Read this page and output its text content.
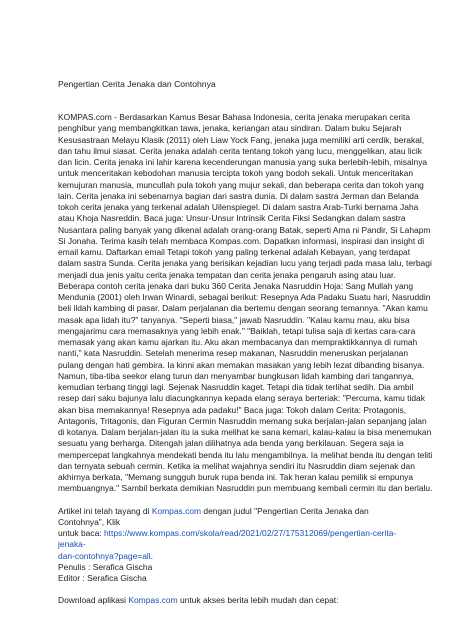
Pengertian Cerita Jenaka dan Contohnya

KOMPAS.com - Berdasarkan Kamus Besar Bahasa Indonesia, cerita jenaka merupakan cerita
penghibur yang membangkitkan tawa, jenaka, keriangan atau sindiran. Dalam buku Sejarah
Kesusastraan Melayu Klasik (2011) oleh Liaw Yock Fang, jenaka juga memiliki arti cerdik, berakal,
dan tahu ilmui siasat. Cerita jenaka adalah cerita tentang tokoh yang lucu, menggelikan, atau licik
dan licin. Cerita jenaka ini lahir karena kecenderungan manusia yang suka berlebih-lebih, misalnya
untuk menceritakan kebodohan manusia tercipta tokoh yang bodoh sekali. Untuk menceritakan
kemujuran manusia, muncullah pula tokoh yang mujur sekali, dan beberapa cerita dan tokoh yang
lain. Cerita jenaka ini sebenarnya bagian dari sastra dunia. Di dalam sastra Jerman dan Belanda
tokoh cerita jenaka yang terkenal adalah Uilenspiegel. Di dalam sastra Arab-Turki bernama Jaha
atau Khoja Nasreddin. Baca juga: Unsur-Unsur Intrinsik Cerita Fiksi Sedangkan dalam sastra
Nusantara paling banyak yang dikenal adalah orang-orang Batak, seperti Ama ni Pandir, Si Lahapm
Si Jonaha. Terima kasih telah membaca Kompas.com. Dapatkan informasi, inspirasi dan insight di
email kamu. Daftarkan email Tetapi tokoh yang paling terkenal adalah Kebayan, yang terdapat
dalam sastra Sunda. Cerita jenaka yang berisikan kejadian lucu yang terjadi pada masa lalu, terbagi
menjadi dua jenis yaitu cerita jenaka tempatan dan cerita jenaka pengaruh asing atau luar.
Beberapa contoh cerita jenaka dari buku 360 Cerita Jenaka Nasruddin Hoja: Sang Mullah yang
Mendunia (2001) oleh Irwan Winardi, sebagai berikut: Resepnya Ada Padaku Suatu hari, Nasruddin
beli ildah kambing di pasar. Dalam perjalanan dia bertemu dengan seorang temannya. "Akan kamu
masak apa lidah itu?" tanyanya. "Seperti biasa," jawab Nasruddin. "Kalau kamu mau, aku bisa
mengajarimu cara memasaknya yang lebih enak." "Baiklah, tetapi tulisa saja di kertas cara-cara
memasak yang akan kamu ajarkan itu. Aku akan membacanya dan mempraktikkannya di rumah
nanti," kata Nasruddin. Setelah menerima resep makanan, Nasruddin meneruskan perjalanan
pulang dengan hati gembira. Ia kinni akan memakan masakan yang lebih lezat dibanding bisanya.
Namun, tiba-tiba seekor elang turun dan menyambar bungkusan lidah kambing dari tangannya,
kemudian terbang tinggi lagi. Sejenak Nasruddin kaget. Tetapi dia tidak terlihat sedih. Dia ambil
resep dari saku bajunya lalu diacungkannya kepada elang seraya berteriak: "Percuma, kamu tidak
akan bisa memakannya! Resepnya ada padaku!" Baca juga: Tokoh dalam Cerita: Protagonis,
Antagonis, Tritagonis, dan Figuran Cermin Nasruddin memang suka berjalan-jalan sepanjang jalan
di kotanya. Dalam berjalan-jalan itu ia suka melihat ke sana kemari, kalau-kalau ia bisa menemukan
sesuatu yang berharga. Ditengah jalan dilihatnya ada benda yang berkilauan. Segera saja ia
mempercepat langkahnya mendekati benda itu lalu mengambilnya. Ia melihat benda itu dengan teliti
dan ternyata sebuah cermin. Ketika ia melihat wajahnya sendiri itu Nasruddin diam sejenak dan
akhirnya berkata, "Memang sungguh buruk rupa benda ini. Tak heran kalau pemilik si empunya
membuangnya." Sambil berkata demikian Nasruddin pun membuang kembali cermin itu dan berlalu.

Artikel ini telah tayang di Kompas.com dengan judul "Pengertian Cerita Jenaka dan Contohnya", Klik

untuk baca: https://www.kompas.com/skola/read/2021/02/27/175312069/pengertian-cerita-jenaka-

dan-contohnya?page=all.

Penulis : Serafica Gischa

Editor : Serafica Gischa

Download aplikasi Kompas.com untuk akses berita lebih mudah dan cepat:
